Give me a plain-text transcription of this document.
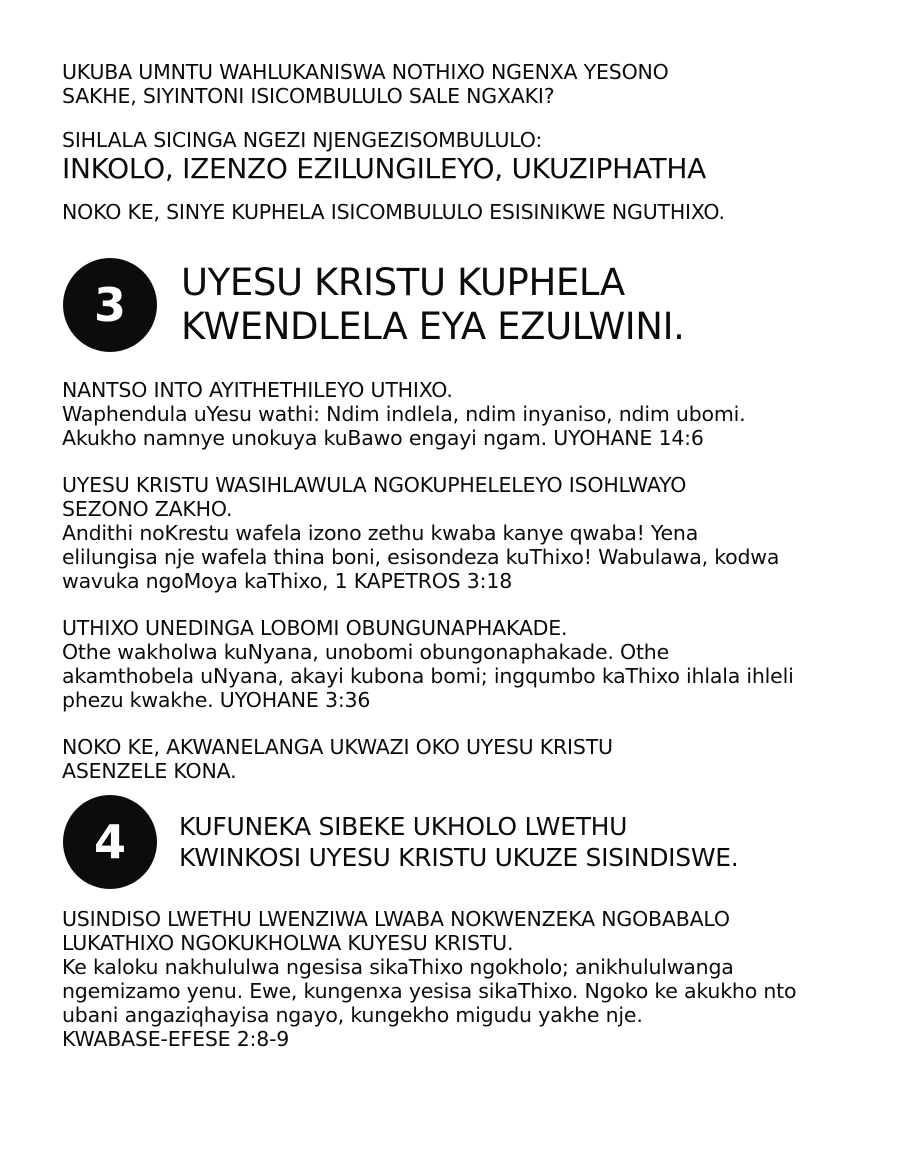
UKUBA UMNTU WAHLUKANISWA NOTHIXO NGENXA YESONO
SAKHE, SIYINTONI ISICOMBULULO SALE NGXAKI?

SIHLALA SICINGA NGEZI NJENGEZISOMBULULO:

INKOLO, IZENZO EZILUNGILEYO, UKUZIPHATHA

NOKO KE, SINYE KUPHELA ISICOMBULULO ESISINIKWE NGUTHIXO.

3	UYESU KRISTU KUPHELA
KWENDLELA EYA EZULWINI.

NANTSO INTO AYITHETHILEYO UTHIXO.
Waphendula uYesu wathi: Ndim indlela, ndim inyaniso, ndim ubomi.
Akukho namnye unokuya kuBawo engayi ngam. UYOHANE 14:6

UYESU KRISTU WASIHLAWULA NGOKUPHELELEYO ISOHLWAYO
SEZONO ZAKHO.
Andithi noKrestu wafela izono zethu kwaba kanye qwaba! Yena
elilungisa nje wafela thina boni, esisondeza kuThixo! Wabulawa, kodwa
wavuka ngoMoya kaThixo, 1 KAPETROS 3:18

UTHIXO UNEDINGA LOBOMI OBUNGUNAPHAKADE.
Othe wakholwa kuNyana, unobomi obungonaphakade. Othe
akamthobela uNyana, akayi kubona bomi; ingqumbo kaThixo ihlala ihleli
phezu kwakhe. UYOHANE 3:36

NOKO KE, AKWANELANGA UKWAZI OKO UYESU KRISTU
ASENZELE KONA.

4	KUFUNEKA SIBEKE UKHOLO LWETHU
KWINKOSI UYESU KRISTU UKUZE SISINDISWE.

USINDISO LWETHU LWENZIWA LWABA NOKWENZEKA NGOBABALO
LUKATHIXO NGOKUKHOLWA KUYESU KRISTU.
Ke kaloku nakhululwa ngesisa sikaThixo ngokholo; anikhululwanga
ngemizamo yenu. Ewe, kungenxa yesisa sikaThixo. Ngoko ke akukho nto
ubani angaziqhayisa ngayo, kungekho migudu yakhe nje.
KWABASE-EFESE 2:8-9
